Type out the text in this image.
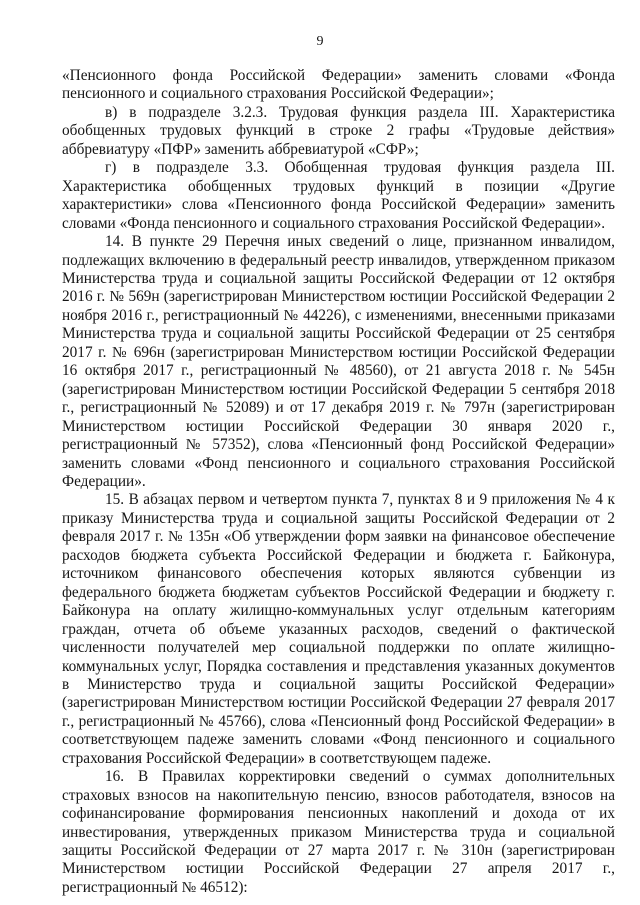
9

«Пенсионного фонда Российской Федерации» заменить словами «Фонда пенсионного и социального страхования Российской Федерации»;

в) в подразделе 3.2.3. Трудовая функция раздела III. Характеристика обобщенных трудовых функций в строке 2 графы «Трудовые действия» аббревиатуру «ПФР» заменить аббревиатурой «СФР»;

г) в подразделе 3.3. Обобщенная трудовая функция раздела III. Характеристика обобщенных трудовых функций в позиции «Другие характеристики» слова «Пенсионного фонда Российской Федерации» заменить словами «Фонда пенсионного и социального страхования Российской Федерации».

14. В пункте 29 Перечня иных сведений о лице, признанном инвалидом, подлежащих включению в федеральный реестр инвалидов, утвержденном приказом Министерства труда и социальной защиты Российской Федерации от 12 октября 2016 г. № 569н (зарегистрирован Министерством юстиции Российской Федерации 2 ноября 2016 г., регистрационный № 44226), с изменениями, внесенными приказами Министерства труда и социальной защиты Российской Федерации от 25 сентября 2017 г. № 696н (зарегистрирован Министерством юстиции Российской Федерации 16 октября 2017 г., регистрационный № 48560), от 21 августа 2018 г. № 545н (зарегистрирован Министерством юстиции Российской Федерации 5 сентября 2018 г., регистрационный № 52089) и от 17 декабря 2019 г. № 797н (зарегистрирован Министерством юстиции Российской Федерации 30 января 2020 г., регистрационный № 57352), слова «Пенсионный фонд Российской Федерации» заменить словами «Фонд пенсионного и социального страхования Российской Федерации».

15. В абзацах первом и четвертом пункта 7, пунктах 8 и 9 приложения № 4 к приказу Министерства труда и социальной защиты Российской Федерации от 2 февраля 2017 г. № 135н «Об утверждении форм заявки на финансовое обеспечение расходов бюджета субъекта Российской Федерации и бюджета г. Байконура, источником финансового обеспечения которых являются субвенции из федерального бюджета бюджетам субъектов Российской Федерации и бюджету г. Байконура на оплату жилищно-коммунальных услуг отдельным категориям граждан, отчета об объеме указанных расходов, сведений о фактической численности получателей мер социальной поддержки по оплате жилищно-коммунальных услуг, Порядка составления и представления указанных документов в Министерство труда и социальной защиты Российской Федерации» (зарегистрирован Министерством юстиции Российской Федерации 27 февраля 2017 г., регистрационный № 45766), слова «Пенсионный фонд Российской Федерации» в соответствующем падеже заменить словами «Фонд пенсионного и социального страхования Российской Федерации» в соответствующем падеже.

16. В Правилах корректировки сведений о суммах дополнительных страховых взносов на накопительную пенсию, взносов работодателя, взносов на софинансирование формирования пенсионных накоплений и дохода от их инвестирования, утвержденных приказом Министерства труда и социальной защиты Российской Федерации от 27 марта 2017 г. № 310н (зарегистрирован Министерством юстиции Российской Федерации 27 апреля 2017 г., регистрационный № 46512):
